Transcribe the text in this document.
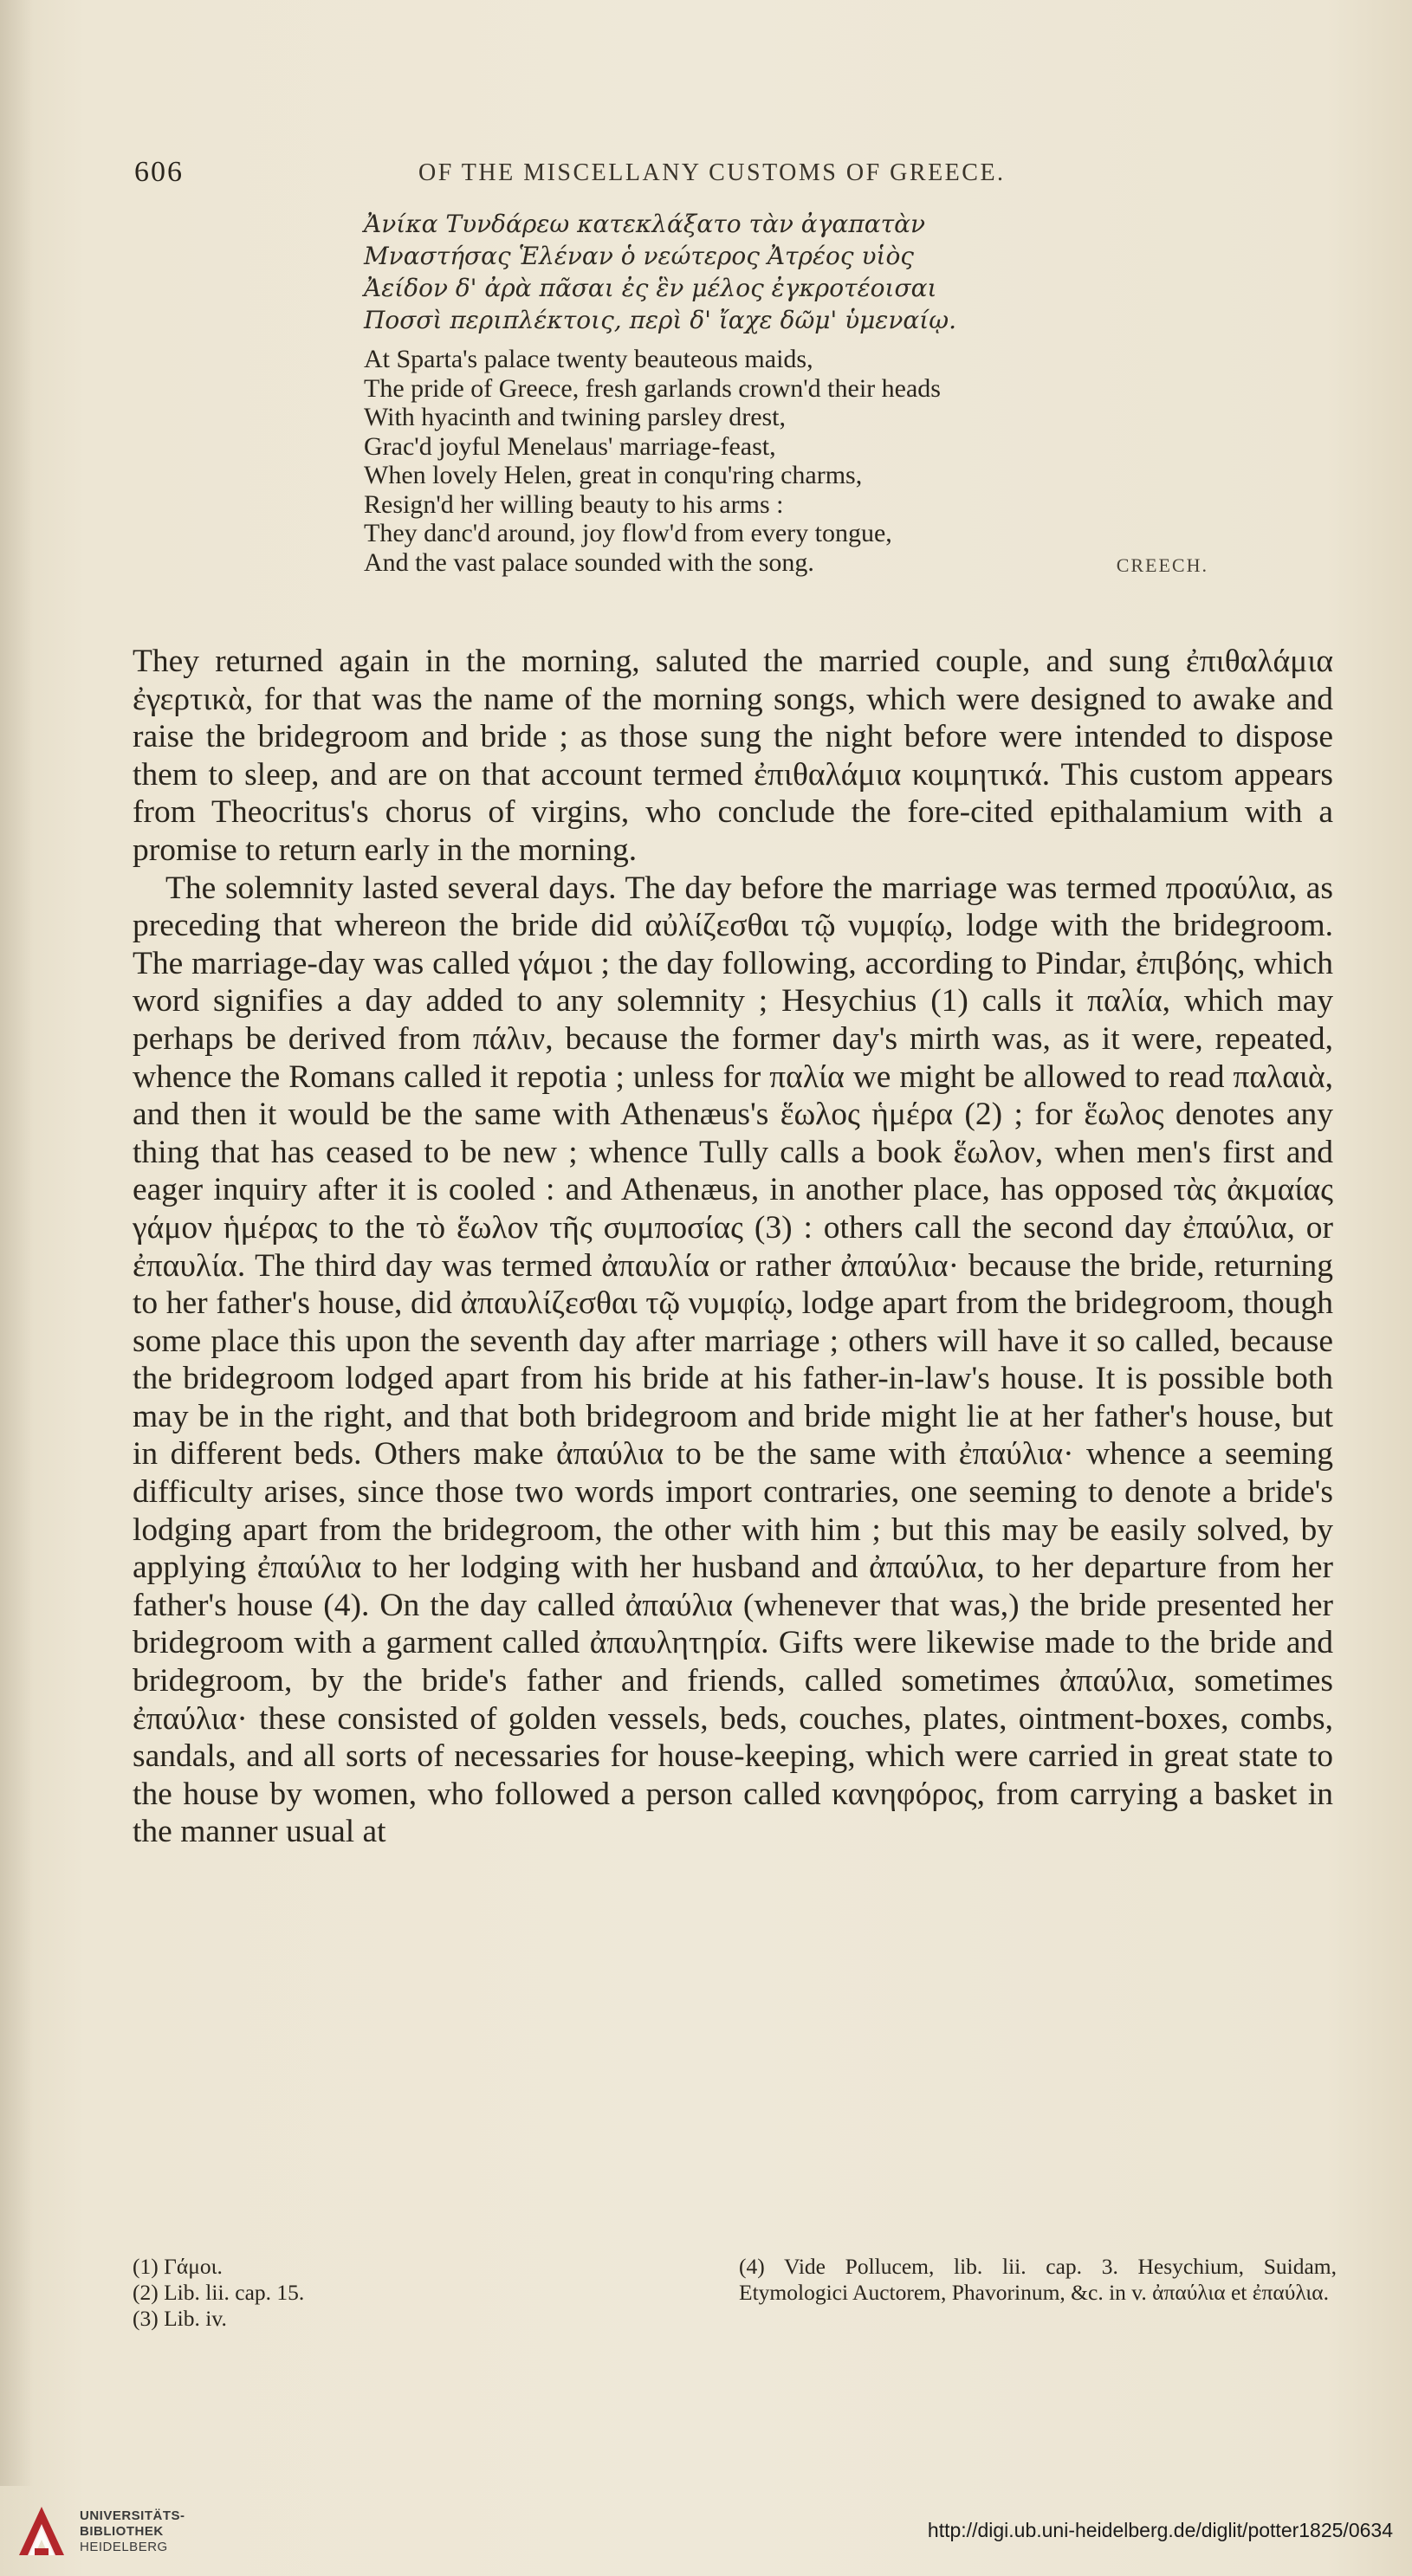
606	OF THE MISCELLANY CUSTOMS OF GREECE.
Ἀνίκα Τυνδάρεω κατεκλάξατο τὰν ἀγαπατὰν
Μναστήσας Ἑλέναν ὁ νεώτερος Ἀτρέος υἱὸς
Ἀείδον δ' ἀρὰ πᾶσαι ἐς ἓν μέλος ἐγκροτέοισαι
Ποσσὶ περιπλέκτοις, περὶ δ' ἴαχε δῶμ' ὑμεναίῳ.
At Sparta's palace twenty beauteous maids,
The pride of Greece, fresh garlands crown'd their heads
With hyacinth and twining parsley drest,
Grac'd joyful Menelaus' marriage-feast,
When lovely Helen, great in conqu'ring charms,
Resign'd her willing beauty to his arms :
They danc'd around, joy flow'd from every tongue,
And the vast palace sounded with the song.	CREECH.

They returned again in the morning, saluted the married couple, and sung ἐπιθαλάμια ἐγερτικὰ, for that was the name of the morning songs, which were designed to awake and raise the bridegroom and bride ; as those sung the night before were intended to dispose them to sleep, and are on that account termed ἐπιθαλάμια κοιμητικά. This custom appears from Theocritus's chorus of virgins, who conclude the fore-cited epithalamium with a promise to return early in the morning.

The solemnity lasted several days. The day before the marriage was termed προαύλια, as preceding that whereon the bride did αὐλίζεσθαι τῷ νυμφίῳ, lodge with the bridegroom. The marriage-day was called γάμοι ; the day following, according to Pindar, ἐπιβόης, which word signifies a day added to any solemnity ; Hesychius (1) calls it παλία, which may perhaps be derived from πάλιν, because the former day's mirth was, as it were, repeated, whence the Romans called it repotia ; unless for παλία we might be allowed to read παλαιὰ, and then it would be the same with Athenæus's ἕωλος ἡμέρα (2) ; for ἕωλος denotes any thing that has ceased to be new ; whence Tully calls a book ἕωλον, when men's first and eager inquiry after it is cooled : and Athenæus, in another place, has opposed τὰς ἀκμαίας γάμον ἡμέρας to the τὸ ἕωλον τῆς συμποσίας (3) : others call the second day ἐπαύλια, or ἐπαυλία. The third day was termed ἀπαυλία or rather ἀπαύλια· because the bride, returning to her father's house, did ἀπαυλίζεσθαι τῷ νυμφίῳ, lodge apart from the bridegroom, though some place this upon the seventh day after marriage ; others will have it so called, because the bridegroom lodged apart from his bride at his father-in-law's house. It is possible both may be in the right, and that both bridegroom and bride might lie at her father's house, but in different beds. Others make ἀπαύλια to be the same with ἐπαύλια· whence a seeming difficulty arises, since those two words import contraries, one seeming to denote a bride's lodging apart from the bridegroom, the other with him ; but this may be easily solved, by applying ἐπαύλια to her lodging with her husband and ἀπαύλια, to her departure from her father's house (4). On the day called ἀπαύλια (whenever that was,) the bride presented her bridegroom with a garment called ἀπαυλητηρία. Gifts were likewise made to the bride and bridegroom, by the bride's father and friends, called sometimes ἀπαύλια, sometimes ἐπαύλια· these consisted of golden vessels, beds, couches, plates, ointment-boxes, combs, sandals, and all sorts of necessaries for house-keeping, which were carried in great state to the house by women, who followed a person called κανηφόρος, from carrying a basket in the manner usual at

(1) Γάμοι.
(2) Lib. lii. cap. 15.
(3) Lib. iv.
(4) Vide Pollucem, lib. lii. cap. 3. Hesychium, Suidam, Etymologici Auctorem, Phavorinum, &c. in v. ἀπαύλια et ἐπαύλια.
UNIVERSITÄTS-
BIBLIOTHEK
HEIDELBERG
http://digi.ub.uni-heidelberg.de/diglit/potter1825/0634
